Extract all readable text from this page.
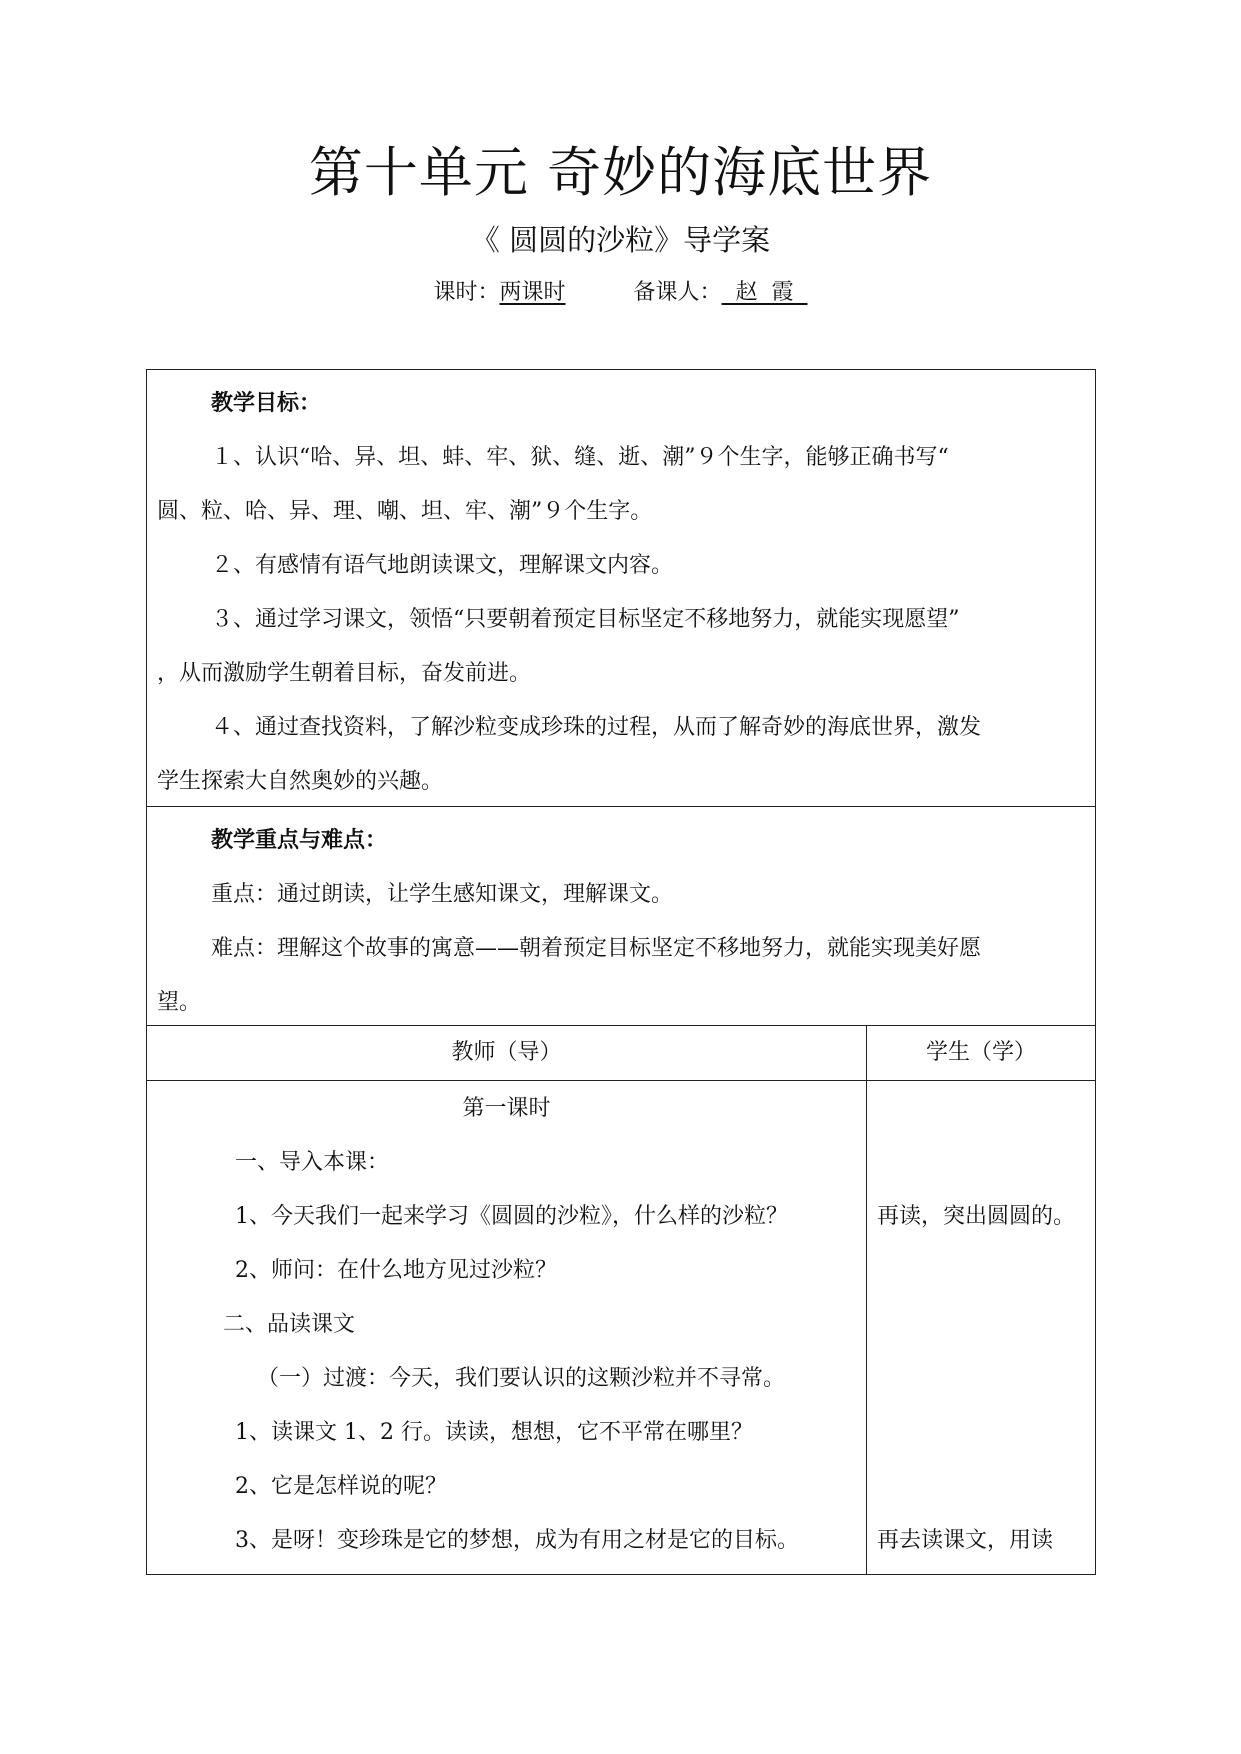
第十单元 奇妙的海底世界
《 圆圆的沙粒》导学案
课时：两课时	备课人： 赵  霞
教学目标：
１、认识“哈、异、坦、蚌、牢、狱、缝、逝、潮”９个生字，能够正确书写“
圆、粒、哈、异、理、嘲、坦、牢、潮”９个生字。
２、有感情有语气地朗读课文，理解课文内容。
３、通过学习课文，领悟“只要朝着预定目标坚定不移地努力，就能实现愿望”
，从而激励学生朝着目标，奋发前进。
４、通过查找资料，了解沙粒变成珍珠的过程，从而了解奇妙的海底世界，激发
学生探索大自然奥妙的兴趣。
教学重点与难点：
重点：通过朗读，让学生感知课文，理解课文。
难点：理解这个故事的寓意——朝着预定目标坚定不移地努力，就能实现美好愿
望。
教师（导）	学生（学）
第一课时
一、导入本课：
1、今天我们一起来学习《圆圆的沙粒》，什么样的沙粒？
2、师问：在什么地方见过沙粒？
二、品读课文
（一）过渡：今天，我们要认识的这颗沙粒并不寻常。
1、读课文 1、2 行。读读，想想，它不平常在哪里？
2、它是怎样说的呢？
3、是呀！变珍珠是它的梦想，成为有用之材是它的目标。
再读，突出圆圆的。
再去读课文，用读
